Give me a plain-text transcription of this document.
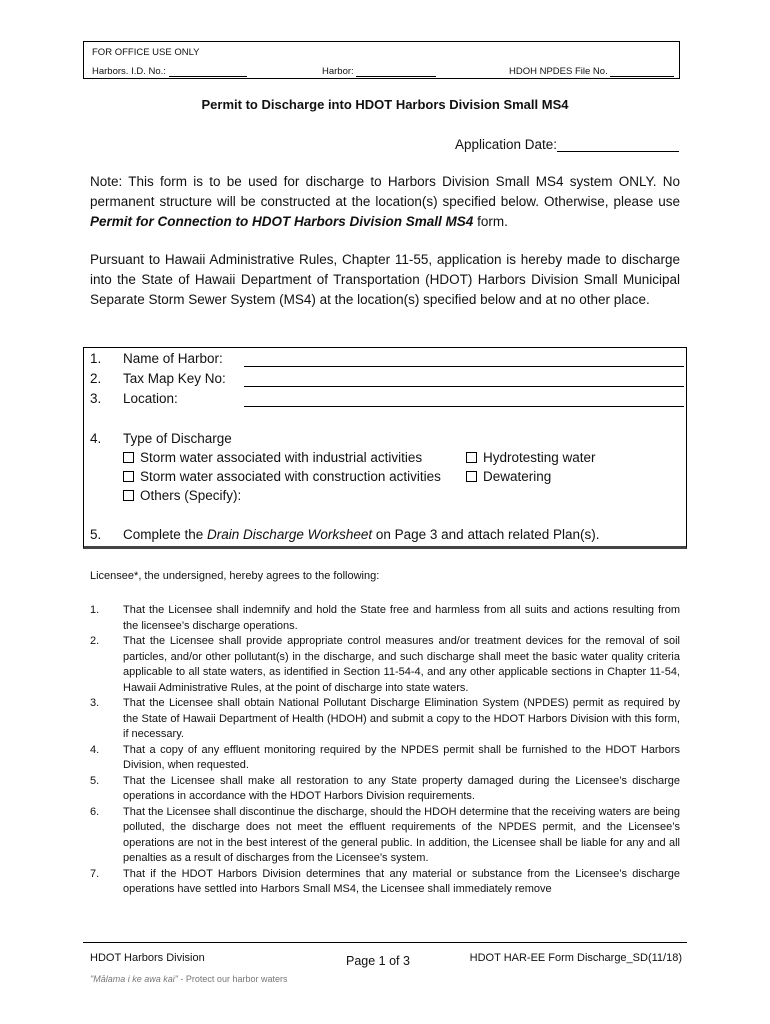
FOR OFFICE USE ONLY
Harbors. I.D. No.:	Harbor:	HDOH NPDES File No.
Permit to Discharge into HDOT Harbors Division Small MS4
Application Date:
Note: This form is to be used for discharge to Harbors Division Small MS4 system ONLY. No permanent structure will be constructed at the location(s) specified below. Otherwise, please use Permit for Connection to HDOT Harbors Division Small MS4 form.
Pursuant to Hawaii Administrative Rules, Chapter 11-55, application is hereby made to discharge into the State of Hawaii Department of Transportation (HDOT) Harbors Division Small Municipal Separate Storm Sewer System (MS4) at the location(s) specified below and at no other place.
1. Name of Harbor:
2. Tax Map Key No:
3. Location:
4. Type of Discharge
Storm water associated with industrial activities	Hydrotesting water
Storm water associated with construction activities	Dewatering
Others (Specify):
5. Complete the Drain Discharge Worksheet on Page 3 and attach related Plan(s).
Licensee*, the undersigned, hereby agrees to the following:
1.	That the Licensee shall indemnify and hold the State free and harmless from all suits and actions resulting from the licensee’s discharge operations.
2.	That the Licensee shall provide appropriate control measures and/or treatment devices for the removal of soil particles, and/or other pollutant(s) in the discharge, and such discharge shall meet the basic water quality criteria applicable to all state waters, as identified in Section 11-54-4, and any other applicable sections in Chapter 11-54, Hawaii Administrative Rules, at the point of discharge into state waters.
3.	That the Licensee shall obtain National Pollutant Discharge Elimination System (NPDES) permit as required by the State of Hawaii Department of Health (HDOH) and submit a copy to the HDOT Harbors Division with this form, if necessary.
4.	That a copy of any effluent monitoring required by the NPDES permit shall be furnished to the HDOT Harbors Division, when requested.
5.	That the Licensee shall make all restoration to any State property damaged during the Licensee’s discharge operations in accordance with the HDOT Harbors Division requirements.
6.	That the Licensee shall discontinue the discharge, should the HDOH determine that the receiving waters are being polluted, the discharge does not meet the effluent requirements of the NPDES permit, and the Licensee’s operations are not in the best interest of the general public. In addition, the Licensee shall be liable for any and all penalties as a result of discharges from the Licensee’s system.
7.	That if the HDOT Harbors Division determines that any material or substance from the Licensee’s discharge operations have settled into Harbors Small MS4, the Licensee shall immediately remove
HDOT Harbors Division	Page 1 of 3	HDOT HAR-EE Form Discharge_SD(11/18)
"Mālama i ke awa kai" - Protect our harbor waters
